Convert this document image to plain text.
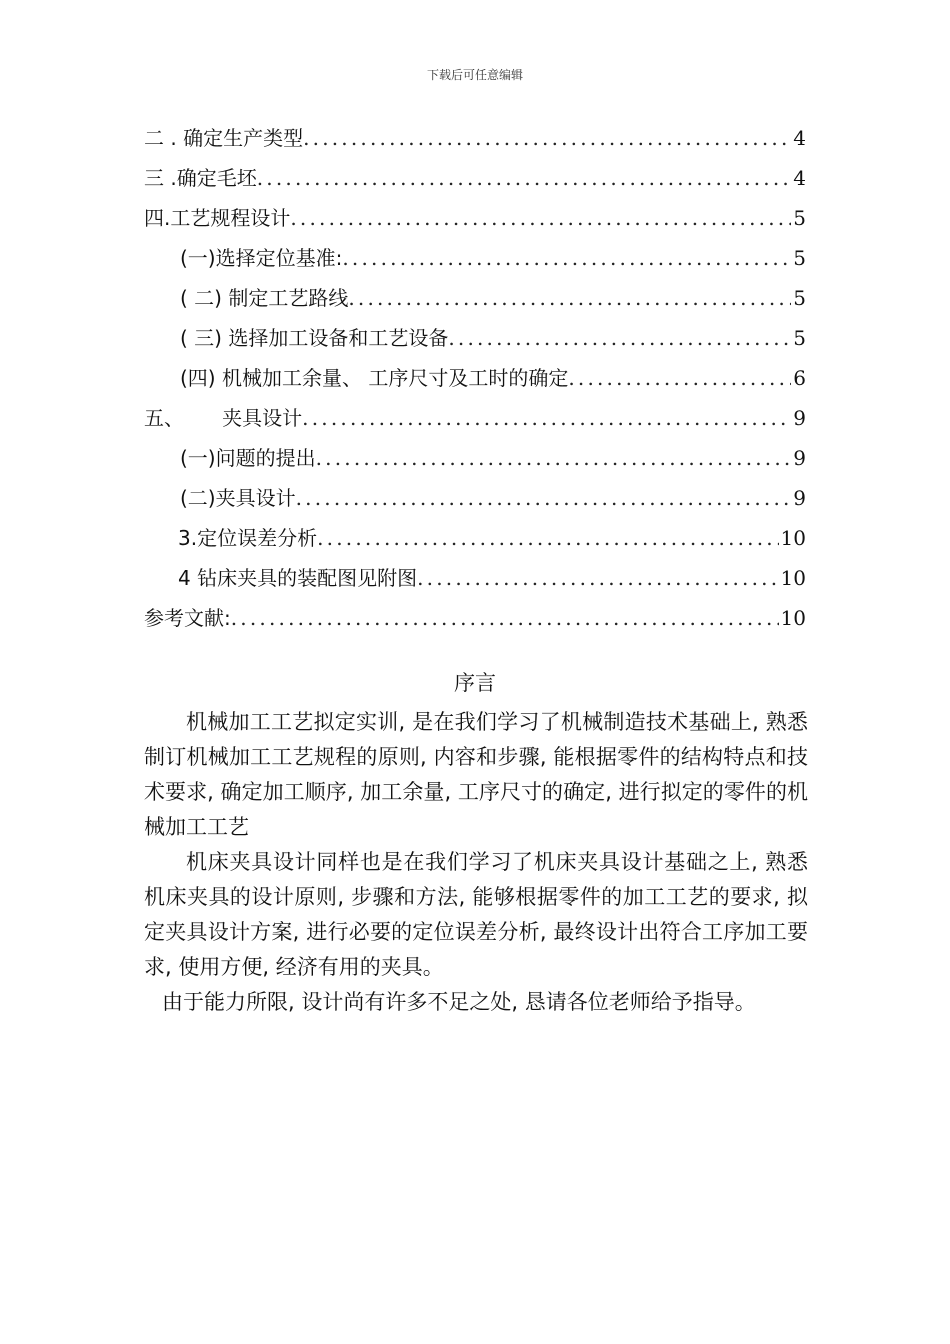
下载后可任意编辑
二 . 确定生产类型 .....	4
三 .确定毛坯 .....	4
四.工艺规程设计 .....	5
(一)选择定位基准: .....	5
( 二) 制定工艺路线 .....	5
( 三) 选择加工设备和工艺设备 .....	5
(四) 机械加工余量、 工序尺寸及工时的确定 .....	6
五、      夹具设计 .....	9
(一)问题的提出 .....	9
(二)夹具设计 .....	9
3.定位误差分析 .....	10
4 钻床夹具的装配图见附图 .....	10
参考文献: .....	10
序言

机械加工工艺拟定实训, 是在我们学习了机械制造技术基础上, 熟悉制订机械加工工艺规程的原则, 内容和步骤, 能根据零件的结构特点和技术要求, 确定加工顺序, 加工余量, 工序尺寸的确定, 进行拟定的零件的机械加工工艺

机床夹具设计同样也是在我们学习了机床夹具设计基础之上, 熟悉机床夹具的设计原则, 步骤和方法, 能够根据零件的加工工艺的要求, 拟定夹具设计方案, 进行必要的定位误差分析, 最终设计出符合工序加工要求, 使用方便, 经济有用的夹具。

由于能力所限, 设计尚有许多不足之处, 恳请各位老师给予指导。
